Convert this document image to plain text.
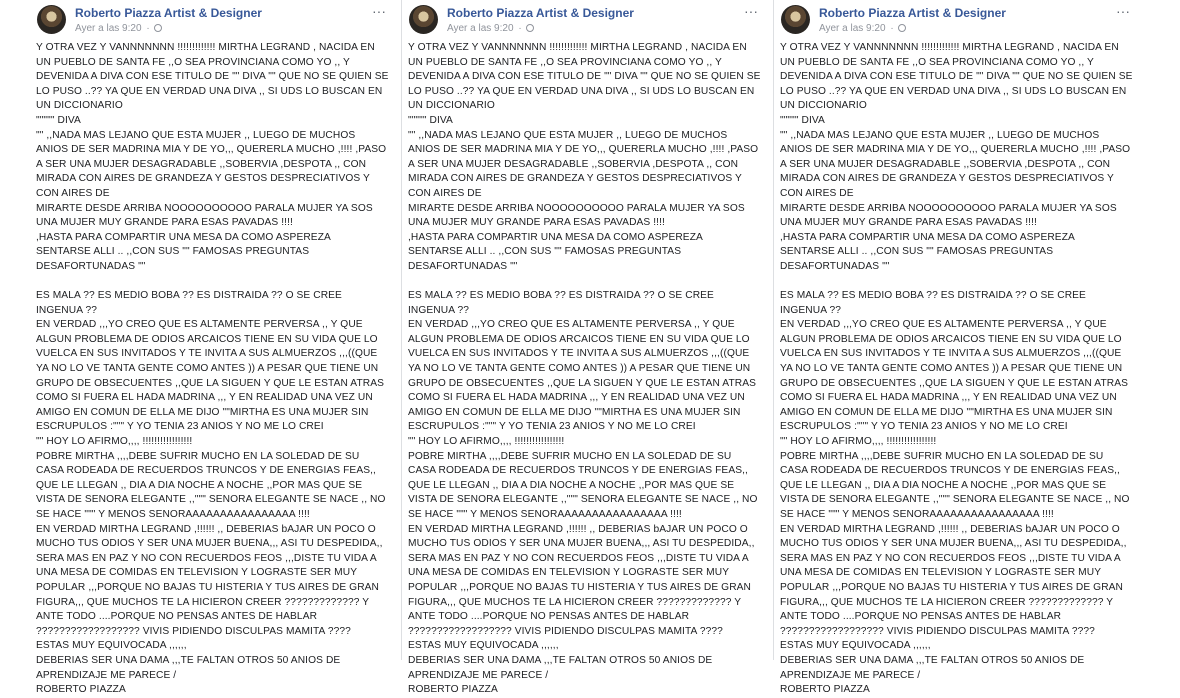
Roberto Piazza Artist & Designer
Ayer a las 9:20 ·
···
Y OTRA VEZ Y VANNNNNNN !!!!!!!!!!!!! MIRTHA LEGRAND , NACIDA EN
UN PUEBLO DE SANTA FE ,,O SEA PROVINCIANA COMO YO ,, Y
DEVENIDA A DIVA CON ESE TITULO DE "" DIVA "" QUE NO SE QUIEN SE
LO PUSO ..?? YA QUE EN VERDAD UNA DIVA ,, SI UDS LO BUSCAN EN
UN DICCIONARIO
""""" DIVA
"" ,,NADA MAS LEJANO QUE ESTA MUJER ,, LUEGO DE MUCHOS
ANIOS DE SER MADRINA MIA Y DE YO,,, QUERERLA MUCHO ,!!!! ,PASO
A SER UNA MUJER DESAGRADABLE ,,SOBERVIA ,DESPOTA ,, CON
MIRADA CON AIRES DE GRANDEZA Y GESTOS DESPRECIATIVOS Y
CON AIRES DE
MIRARTE DESDE ARRIBA NOOOOOOOOOO PARALA MUJER YA SOS
UNA MUJER MUY GRANDE PARA ESAS PAVADAS !!!!
,HASTA PARA COMPARTIR UNA MESA DA COMO ASPEREZA
SENTARSE ALLI .. ,,CON SUS "" FAMOSAS PREGUNTAS
DESAFORTUNADAS ""

ES MALA ?? ES MEDIO BOBA ?? ES DISTRAIDA ?? O SE CREE
INGENUA ??
EN VERDAD ,,,YO CREO QUE ES ALTAMENTE PERVERSA ,, Y QUE
ALGUN PROBLEMA DE ODIOS ARCAICOS TIENE EN SU VIDA QUE LO
VUELCA EN SUS INVITADOS Y TE INVITA A SUS ALMUERZOS ,,,((QUE
YA NO LO VE TANTA GENTE COMO ANTES )) A PESAR QUE TIENE UN
GRUPO DE OBSECUENTES ,,QUE LA SIGUEN Y QUE LE ESTAN ATRAS
COMO SI FUERA EL HADA MADRINA ,,, Y EN REALIDAD UNA VEZ UN
AMIGO EN COMUN DE ELLA ME DIJO ""MIRTHA ES UNA MUJER SIN
ESCRUPULOS :""" Y YO TENIA 23 ANIOS Y NO ME LO CREI
"" HOY LO AFIRMO,,,, !!!!!!!!!!!!!!!!!
POBRE MIRTHA ,,,,DEBE SUFRIR MUCHO EN LA SOLEDAD DE SU
CASA RODEADA DE RECUERDOS TRUNCOS Y DE ENERGIAS FEAS,,
QUE LE LLEGAN ,, DIA A DIA NOCHE A NOCHE ,,POR MAS QUE SE
VISTA DE SENORA ELEGANTE ,,""" SENORA ELEGANTE SE NACE ,, NO
SE HACE """ Y MENOS SENORAAAAAAAAAAAAAAAA !!!!
EN VERDAD MIRTHA LEGRAND ,!!!!!! ,, DEBERIAS bAJAR UN POCO O
MUCHO TUS ODIOS Y SER UNA MUJER BUENA,,, ASI TU DESPEDIDA,,
SERA MAS EN PAZ Y NO CON RECUERDOS FEOS ,,,DISTE TU VIDA A
UNA MESA DE COMIDAS EN TELEVISION Y LOGRASTE SER MUY
POPULAR ,,,PORQUE NO BAJAS TU HISTERIA Y TUS AIRES DE GRAN
FIGURA,,, QUE MUCHOS TE LA HICIERON CREER ????????????? Y
ANTE TODO ....PORQUE NO PENSAS ANTES DE HABLAR
?????????????????? VIVIS PIDIENDO DISCULPAS MAMITA ????
ESTAS MUY EQUIVOCADA ,,,,,,
DEBERIAS SER UNA DAMA ,,,TE FALTAN OTROS 50 ANIOS DE
APRENDIZAJE ME PARECE /
ROBERTO PIAZZA
Roberto Piazza Artist & Designer
Ayer a las 9:20 ·
···
Y OTRA VEZ Y VANNNNNNN !!!!!!!!!!!!! MIRTHA LEGRAND , NACIDA EN
UN PUEBLO DE SANTA FE ,,O SEA PROVINCIANA COMO YO ,, Y
DEVENIDA A DIVA CON ESE TITULO DE "" DIVA "" QUE NO SE QUIEN SE
LO PUSO ..?? YA QUE EN VERDAD UNA DIVA ,, SI UDS LO BUSCAN EN
UN DICCIONARIO
""""" DIVA
"" ,,NADA MAS LEJANO QUE ESTA MUJER ,, LUEGO DE MUCHOS
ANIOS DE SER MADRINA MIA Y DE YO,,, QUERERLA MUCHO ,!!!! ,PASO
A SER UNA MUJER DESAGRADABLE ,,SOBERVIA ,DESPOTA ,, CON
MIRADA CON AIRES DE GRANDEZA Y GESTOS DESPRECIATIVOS Y
CON AIRES DE
MIRARTE DESDE ARRIBA NOOOOOOOOOO PARALA MUJER YA SOS
UNA MUJER MUY GRANDE PARA ESAS PAVADAS !!!!
,HASTA PARA COMPARTIR UNA MESA DA COMO ASPEREZA
SENTARSE ALLI .. ,,CON SUS "" FAMOSAS PREGUNTAS
DESAFORTUNADAS ""

ES MALA ?? ES MEDIO BOBA ?? ES DISTRAIDA ?? O SE CREE
INGENUA ??
EN VERDAD ,,,YO CREO QUE ES ALTAMENTE PERVERSA ,, Y QUE
ALGUN PROBLEMA DE ODIOS ARCAICOS TIENE EN SU VIDA QUE LO
VUELCA EN SUS INVITADOS Y TE INVITA A SUS ALMUERZOS ,,,((QUE
YA NO LO VE TANTA GENTE COMO ANTES )) A PESAR QUE TIENE UN
GRUPO DE OBSECUENTES ,,QUE LA SIGUEN Y QUE LE ESTAN ATRAS
COMO SI FUERA EL HADA MADRINA ,,, Y EN REALIDAD UNA VEZ UN
AMIGO EN COMUN DE ELLA ME DIJO ""MIRTHA ES UNA MUJER SIN
ESCRUPULOS :""" Y YO TENIA 23 ANIOS Y NO ME LO CREI
"" HOY LO AFIRMO,,,, !!!!!!!!!!!!!!!!!
POBRE MIRTHA ,,,,DEBE SUFRIR MUCHO EN LA SOLEDAD DE SU
CASA RODEADA DE RECUERDOS TRUNCOS Y DE ENERGIAS FEAS,,
QUE LE LLEGAN ,, DIA A DIA NOCHE A NOCHE ,,POR MAS QUE SE
VISTA DE SENORA ELEGANTE ,,""" SENORA ELEGANTE SE NACE ,, NO
SE HACE """ Y MENOS SENORAAAAAAAAAAAAAAAA !!!!
EN VERDAD MIRTHA LEGRAND ,!!!!!! ,, DEBERIAS bAJAR UN POCO O
MUCHO TUS ODIOS Y SER UNA MUJER BUENA,,, ASI TU DESPEDIDA,,
SERA MAS EN PAZ Y NO CON RECUERDOS FEOS ,,,DISTE TU VIDA A
UNA MESA DE COMIDAS EN TELEVISION Y LOGRASTE SER MUY
POPULAR ,,,PORQUE NO BAJAS TU HISTERIA Y TUS AIRES DE GRAN
FIGURA,,, QUE MUCHOS TE LA HICIERON CREER ????????????? Y
ANTE TODO ....PORQUE NO PENSAS ANTES DE HABLAR
?????????????????? VIVIS PIDIENDO DISCULPAS MAMITA ????
ESTAS MUY EQUIVOCADA ,,,,,,
DEBERIAS SER UNA DAMA ,,,TE FALTAN OTROS 50 ANIOS DE
APRENDIZAJE ME PARECE /
ROBERTO PIAZZA
Roberto Piazza Artist & Designer
Ayer a las 9:20 ·
···
Y OTRA VEZ Y VANNNNNNN !!!!!!!!!!!!! MIRTHA LEGRAND , NACIDA EN
UN PUEBLO DE SANTA FE ,,O SEA PROVINCIANA COMO YO ,, Y
DEVENIDA A DIVA CON ESE TITULO DE "" DIVA "" QUE NO SE QUIEN SE
LO PUSO ..?? YA QUE EN VERDAD UNA DIVA ,, SI UDS LO BUSCAN EN
UN DICCIONARIO
""""" DIVA
"" ,,NADA MAS LEJANO QUE ESTA MUJER ,, LUEGO DE MUCHOS
ANIOS DE SER MADRINA MIA Y DE YO,,, QUERERLA MUCHO ,!!!! ,PASO
A SER UNA MUJER DESAGRADABLE ,,SOBERVIA ,DESPOTA ,, CON
MIRADA CON AIRES DE GRANDEZA Y GESTOS DESPRECIATIVOS Y
CON AIRES DE
MIRARTE DESDE ARRIBA NOOOOOOOOOO PARALA MUJER YA SOS
UNA MUJER MUY GRANDE PARA ESAS PAVADAS !!!!
,HASTA PARA COMPARTIR UNA MESA DA COMO ASPEREZA
SENTARSE ALLI .. ,,CON SUS "" FAMOSAS PREGUNTAS
DESAFORTUNADAS ""

ES MALA ?? ES MEDIO BOBA ?? ES DISTRAIDA ?? O SE CREE
INGENUA ??
EN VERDAD ,,,YO CREO QUE ES ALTAMENTE PERVERSA ,, Y QUE
ALGUN PROBLEMA DE ODIOS ARCAICOS TIENE EN SU VIDA QUE LO
VUELCA EN SUS INVITADOS Y TE INVITA A SUS ALMUERZOS ,,,((QUE
YA NO LO VE TANTA GENTE COMO ANTES )) A PESAR QUE TIENE UN
GRUPO DE OBSECUENTES ,,QUE LA SIGUEN Y QUE LE ESTAN ATRAS
COMO SI FUERA EL HADA MADRINA ,,, Y EN REALIDAD UNA VEZ UN
AMIGO EN COMUN DE ELLA ME DIJO ""MIRTHA ES UNA MUJER SIN
ESCRUPULOS :""" Y YO TENIA 23 ANIOS Y NO ME LO CREI
"" HOY LO AFIRMO,,,, !!!!!!!!!!!!!!!!!
POBRE MIRTHA ,,,,DEBE SUFRIR MUCHO EN LA SOLEDAD DE SU
CASA RODEADA DE RECUERDOS TRUNCOS Y DE ENERGIAS FEAS,,
QUE LE LLEGAN ,, DIA A DIA NOCHE A NOCHE ,,POR MAS QUE SE
VISTA DE SENORA ELEGANTE ,,""" SENORA ELEGANTE SE NACE ,, NO
SE HACE """ Y MENOS SENORAAAAAAAAAAAAAAAA !!!!
EN VERDAD MIRTHA LEGRAND ,!!!!!! ,, DEBERIAS bAJAR UN POCO O
MUCHO TUS ODIOS Y SER UNA MUJER BUENA,,, ASI TU DESPEDIDA,,
SERA MAS EN PAZ Y NO CON RECUERDOS FEOS ,,,DISTE TU VIDA A
UNA MESA DE COMIDAS EN TELEVISION Y LOGRASTE SER MUY
POPULAR ,,,PORQUE NO BAJAS TU HISTERIA Y TUS AIRES DE GRAN
FIGURA,,, QUE MUCHOS TE LA HICIERON CREER ????????????? Y
ANTE TODO ....PORQUE NO PENSAS ANTES DE HABLAR
?????????????????? VIVIS PIDIENDO DISCULPAS MAMITA ????
ESTAS MUY EQUIVOCADA ,,,,,,
DEBERIAS SER UNA DAMA ,,,TE FALTAN OTROS 50 ANIOS DE
APRENDIZAJE ME PARECE /
ROBERTO PIAZZA
